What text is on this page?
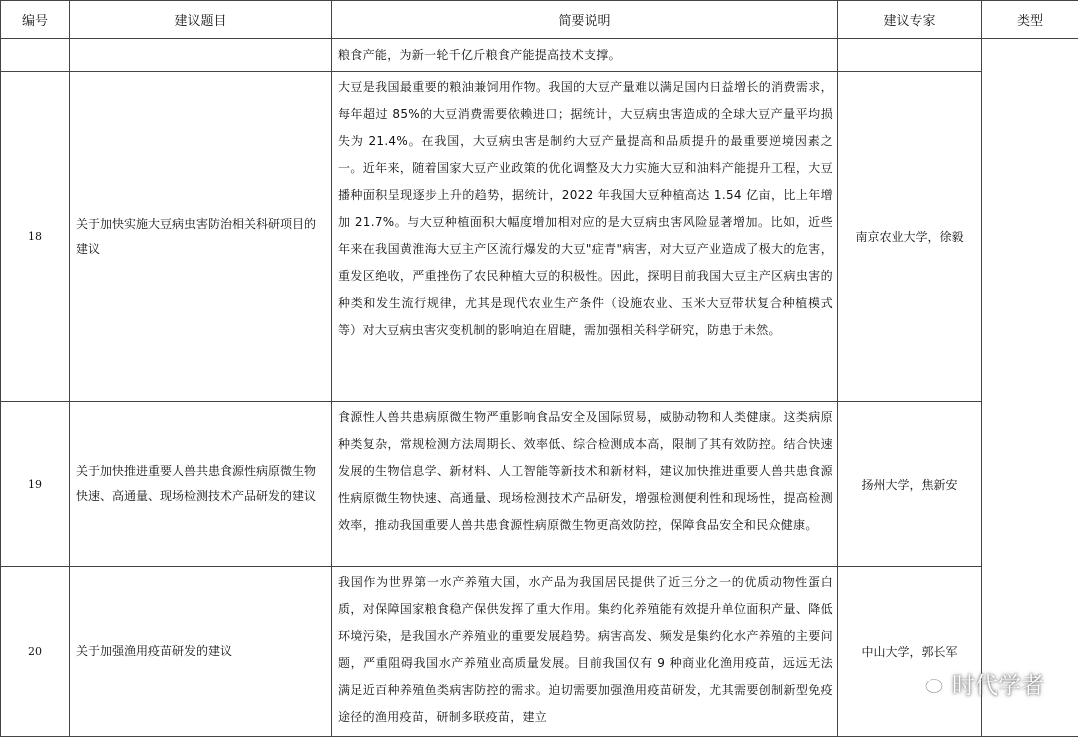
编号	建议题目	简要说明	建议专家	类型

		粮食产能，为新一轮千亿斤粮食产能提高技术支撑。		

18	关于加快实施大豆病虫害防治相关科研项目的建议	大豆是我国最重要的粮油兼饲用作物。我国的大豆产量难以满足国内日益增长的消费需求，每年超过 85%的大豆消费需要依赖进口；据统计，大豆病虫害造成的全球大豆产量平均损失为 21.4%。在我国，大豆病虫害是制约大豆产量提高和品质提升的最重要逆境因素之一。近年来，随着国家大豆产业政策的优化调整及大力实施大豆和油料产能提升工程，大豆播种面积呈现逐步上升的趋势，据统计，2022 年我国大豆种植高达 1.54 亿亩，比上年增加 21.7%。与大豆种植面积大幅度增加相对应的是大豆病虫害风险显著增加。比如，近些年来在我国黄淮海大豆主产区流行爆发的大豆"症青"病害，对大豆产业造成了极大的危害，重发区绝收，严重挫伤了农民种植大豆的积极性。因此，探明目前我国大豆主产区病虫害的种类和发生流行规律，尤其是现代农业生产条件（设施农业、玉米大豆带状复合种植模式等）对大豆病虫害灾变机制的影响迫在眉睫，需加强相关科学研究，防患于未然。	南京农业大学，徐毅	
19	关于加快推进重要人兽共患食源性病原微生物快速、高通量、现场检测技术产品研发的建议	食源性人兽共患病原微生物严重影响食品安全及国际贸易，威胁动物和人类健康。这类病原种类复杂，常规检测方法周期长、效率低、综合检测成本高，限制了其有效防控。结合快速发展的生物信息学、新材料、人工智能等新技术和新材料，建议加快推进重要人兽共患食源性病原微生物快速、高通量、现场检测技术产品研发，增强检测便利性和现场性，提高检测效率，推动我国重要人兽共患食源性病原微生物更高效防控，保障食品安全和民众健康。	扬州大学，焦新安	
20	关于加强渔用疫苗研发的建议	我国作为世界第一水产养殖大国，水产品为我国居民提供了近三分之一的优质动物性蛋白质，对保障国家粮食稳产保供发挥了重大作用。集约化养殖能有效提升单位面积产量、降低环境污染，是我国水产养殖业的重要发展趋势。病害高发、频发是集约化水产养殖的主要问题，严重阻碍我国水产养殖业高质量发展。目前我国仅有 9 种商业化渔用疫苗，远远无法满足近百种养殖鱼类病害防控的需求。迫切需要加强渔用疫苗研发，尤其需要创制新型免疫途径的渔用疫苗，研制多联疫苗，建立	中山大学，郭长军	
时代学者
